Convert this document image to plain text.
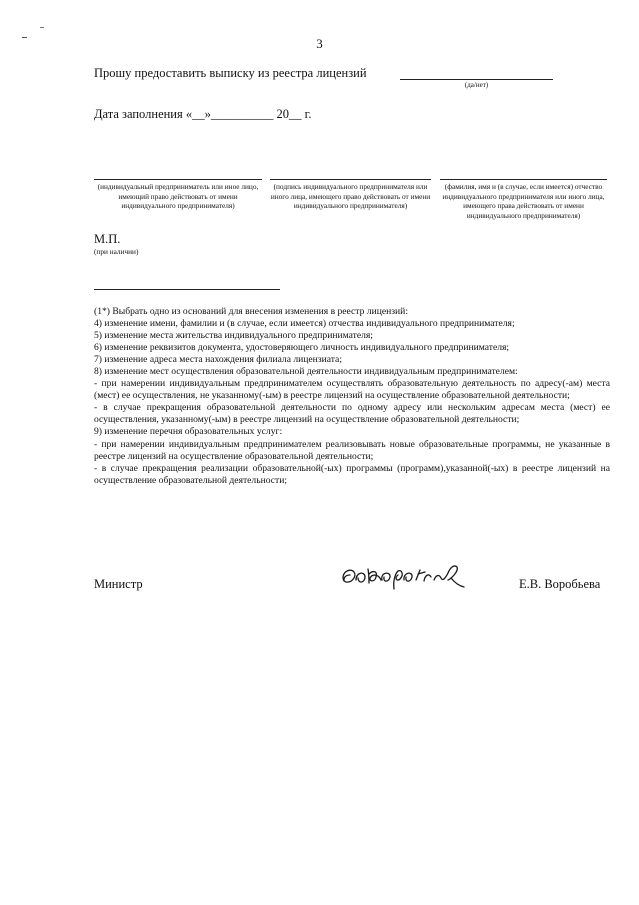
3
Прошу предоставить выписку из реестра лицензий
(да/нет)
Дата заполнения «__»__________ 20__ г.
(индивидуальный предприниматель или иное лицо, имеющий право действовать от имени индивидуального предпринимателя)
(подпись индивидуального предпринимателя или иного лица, имеющего право действовать от имени индивидуального предпринимателя)
(фамилия, имя и (в случае, если имеется) отчество индивидуального предпринимателя или иного лица, имеющего права действовать от имени индивидуального предпринимателя)
М.П.
(при наличии)

(1*) Выбрать одно из оснований для внесения изменения в реестр лицензий:

4) изменение имени, фамилии и (в случае, если имеется) отчества индивидуального предпринимателя;

5) изменение места жительства индивидуального предпринимателя;

6) изменение реквизитов документа, удостоверяющего личность индивидуального предпринимателя;

7) изменение адреса места нахождения филиала лицензиата;

8) изменение мест осуществления образовательной деятельности индивидуальным предпринимателем:

- при намерении индивидуальным предпринимателем осуществлять образовательную деятельность по адресу(-ам) места (мест) ее осуществления, не указанному(-ым) в реестре лицензий на осуществление образовательной деятельности;

- в случае прекращения образовательной деятельности по одному адресу или нескольким адресам места (мест) ее осуществления, указанному(-ым) в реестре лицензий на осуществление образовательной деятельности;

9) изменение перечня образовательных услуг:

- при намерении индивидуальным предпринимателем реализовывать новые образовательные программы, не указанные в реестре лицензий на осуществление образовательной деятельности;

- в случае прекращения реализации образовательной(-ых) программы (программ),указанной(-ых) в реестре лицензий на осуществление образовательной деятельности;

Министр	Е.В. Воробьева
